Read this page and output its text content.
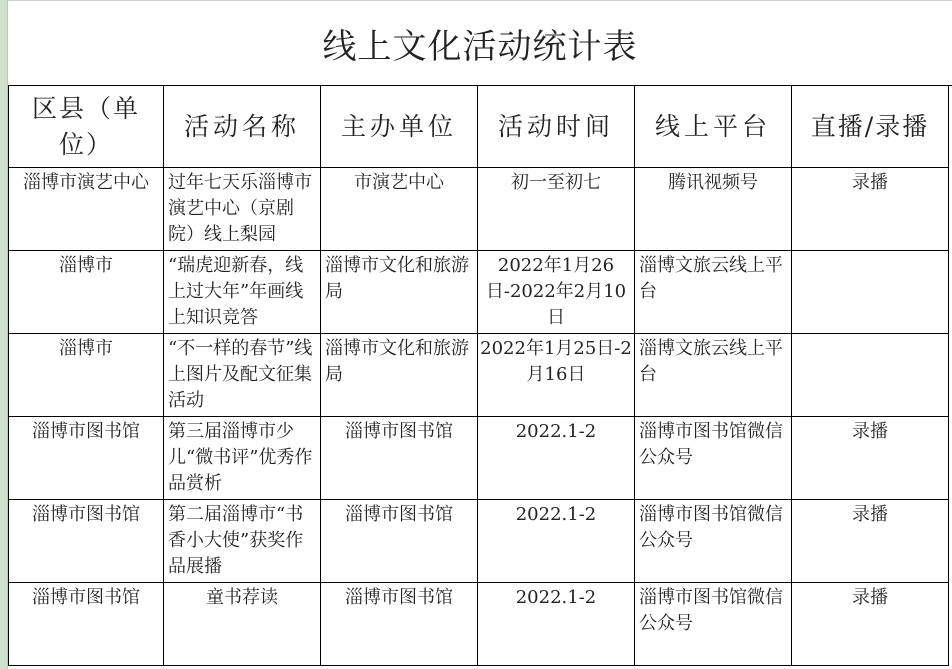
线上文化活动统计表
区县（单位）	活动名称	主办单位	活动时间	线上平台	直播/录播
淄博市演艺中心	过年七天乐淄博市演艺中心（京剧院）线上梨园	市演艺中心	初一至初七	腾讯视频号	录播
淄博市	“瑞虎迎新春，线上过大年”年画线上知识竞答	淄博市文化和旅游局	2022年1月26日-2022年2月10日	淄博文旅云线上平台	
淄博市	“不一样的春节”线上图片及配文征集活动	淄博市文化和旅游局	2022年1月25日-2月16日	淄博文旅云线上平台	
淄博市图书馆	第三届淄博市少儿“微书评”优秀作品赏析	淄博市图书馆	2022.1-2	淄博市图书馆微信公众号	录播
淄博市图书馆	第二届淄博市“书香小大使”获奖作品展播	淄博市图书馆	2022.1-2	淄博市图书馆微信公众号	录播
淄博市图书馆	童书荐读	淄博市图书馆	2022.1-2	淄博市图书馆微信公众号	录播
